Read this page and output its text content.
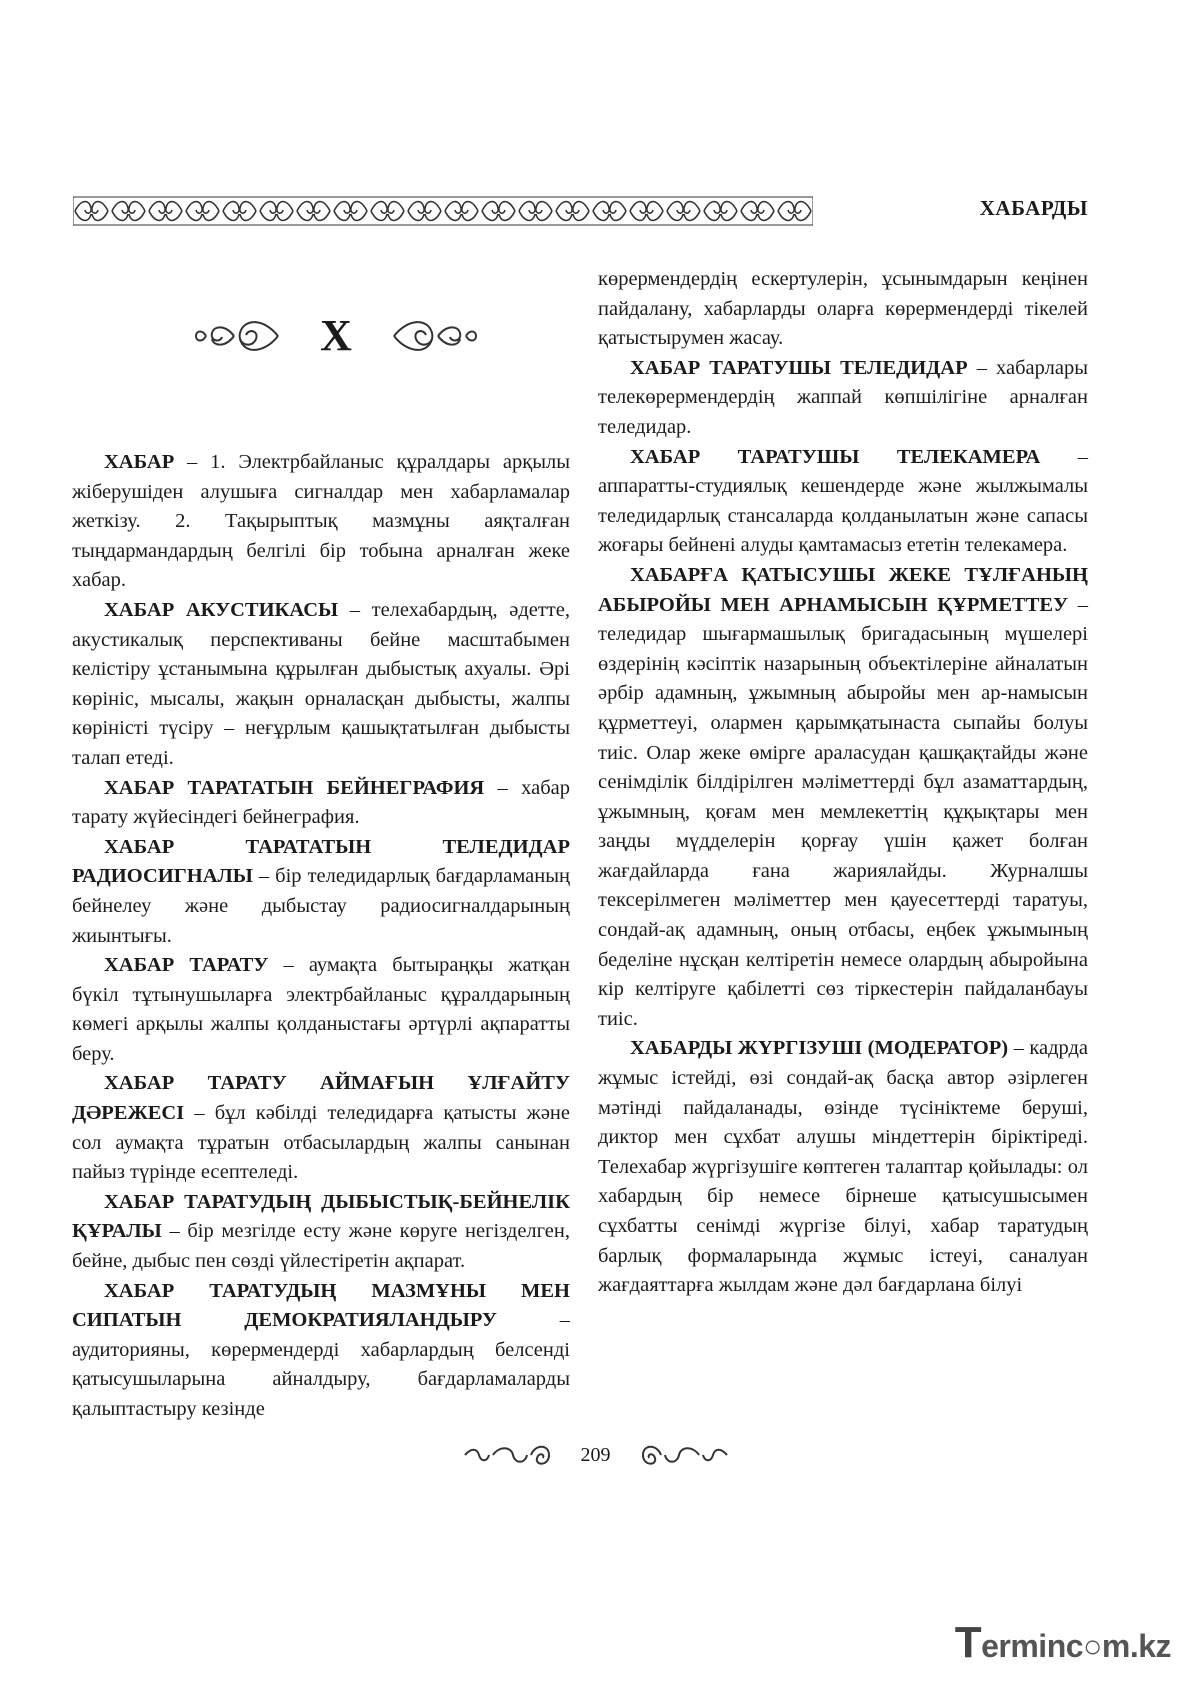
ХАБАРДЫ
Х

ХАБАР – 1. Электрбайланыс құралдары арқылы жіберушіден алушыға сигналдар мен хабарламалар жеткізу. 2. Тақырыптық мазмұны аяқталған тыңдармандардың белгілі бір тобына арналған жеке хабар.

ХАБАР АКУСТИКАСЫ – телехабардың, әдетте, акустикалық перспективаны бейне масштабымен келістіру ұстанымына құрылған дыбыстық ахуалы. Әрі көрініс, мысалы, жақын орналасқан дыбысты, жалпы көріністі түсіру – неғұрлым қашықтатылған дыбысты талап етеді.

ХАБАР ТАРАТАТЫН БЕЙНЕГРАФИЯ – хабар тарату жүйесіндегі бейнеграфия.

ХАБАР ТАРАТАТЫН ТЕЛЕДИДАР РАДИОСИГНАЛЫ – бір теледидарлық бағдарламаның бейнелеу және дыбыстау радиосигналдарының жиынтығы.

ХАБАР ТАРАТУ – аумақта бытыраңқы жатқан бүкіл тұтынушыларға электрбайланыс құралдарының көмегі арқылы жалпы қолданыстағы әртүрлі ақпаратты беру.

ХАБАР ТАРАТУ АЙМАҒЫН ҰЛҒАЙТУ ДӘРЕЖЕСІ – бұл кәбілді теледидарға қатысты және сол аумақта тұратын отбасылардың жалпы санынан пайыз түрінде есептеледі.

ХАБАР ТАРАТУДЫҢ ДЫБЫСТЫҚ-БЕЙНЕЛІК ҚҰРАЛЫ – бір мезгілде есту және көруге негізделген, бейне, дыбыс пен сөзді үйлестіретін ақпарат.

ХАБАР ТАРАТУДЫҢ МАЗМҰНЫ МЕН СИПАТЫН ДЕМОКРАТИЯЛАНДЫРУ – аудиторияны, көрермендерді хабарлардың белсенді қатысушыларына айналдыру, бағдарламаларды қалыптастыру кезінде

көрермендердің ескертулерін, ұсынымдарын кеңінен пайдалану, хабарларды оларға көрермендерді тікелей қатыстырумен жасау.

ХАБАР ТАРАТУШЫ ТЕЛЕДИДАР – хабарлары телекөрермендердің жаппай көпшілігіне арналған теледидар.

ХАБАР ТАРАТУШЫ ТЕЛЕКАМЕРА – аппаратты-студиялық кешендерде және жылжымалы теледидарлық стансаларда қолданылатын және сапасы жоғары бейнені алуды қамтамасыз ететін телекамера.

ХАБАРҒА ҚАТЫСУШЫ ЖЕКЕ ТҰЛҒАНЫҢ АБЫРОЙЫ МЕН АРНАМЫСЫН ҚҰРМЕТТЕУ – теледидар шығармашылық бригадасының мүшелері өздерінің кәсіптік назарының объектілеріне айналатын әрбір адамның, ұжымның абыройы мен ар-намысын құрметтеуі, олармен қарымқатынаста сыпайы болуы тиіс. Олар жеке өмірге араласудан қашқақтайды және сенімділік білдірілген мәліметтерді бұл азаматтардың, ұжымның, қоғам мен мемлекеттің құқықтары мен заңды мүдделерін қорғау үшін қажет болған жағдайларда ғана жариялайды. Журналшы тексерілмеген мәліметтер мен қауесеттерді таратуы, сондай-ақ адамның, оның отбасы, еңбек ұжымының беделіне нұсқан келтіретін немесе олардың абыройына кір келтіруге қабілетті сөз тіркестерін пайдаланбауы тиіс.

ХАБАРДЫ ЖҮРГІЗУШІ (МОДЕРАТОР) – кадрда жұмыс істейді, өзі сондай-ақ басқа автор әзірлеген мәтінді пайдаланады, өзінде түсініктеме беруші, диктор мен сұхбат алушы міндеттерін біріктіреді. Телехабар жүргізушіге көптеген талаптар қойылады: ол хабардың бір немесе бірнеше қатысушысымен сұхбатты сенімді жүргізе білуі, хабар таратудың барлық формаларында жұмыс істеуі, саналуан жағдаяттарға жылдам және дәл бағдарлана білуі

209
Terminc○m.kz
